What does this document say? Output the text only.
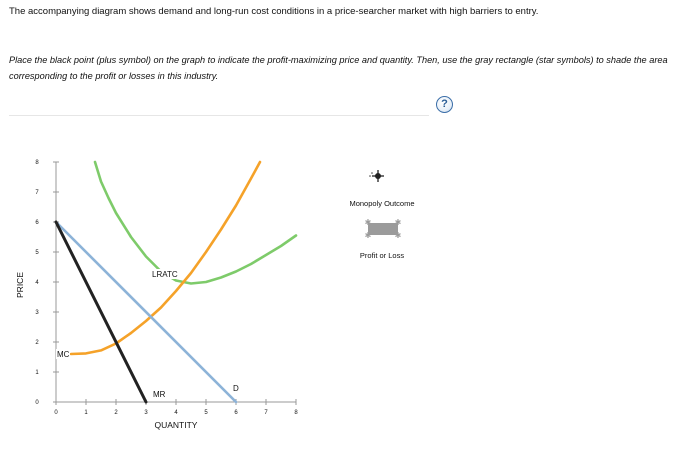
The accompanying diagram shows demand and long-run cost conditions in a price-searcher market with high barriers to entry.
Place the black point (plus symbol) on the graph to indicate the profit-maximizing price and quantity. Then, use the gray rectangle (star symbols) to shade the area corresponding to the profit or losses in this industry.
?
0	1	2	3	4	5	6	7	8
0
1
2
3
4
5
6
7
8
LRATC
MC
MR
D
QUANTITY
PRICE
Monopoly Outcome
✱	✱
✱	✱
Profit or Loss
